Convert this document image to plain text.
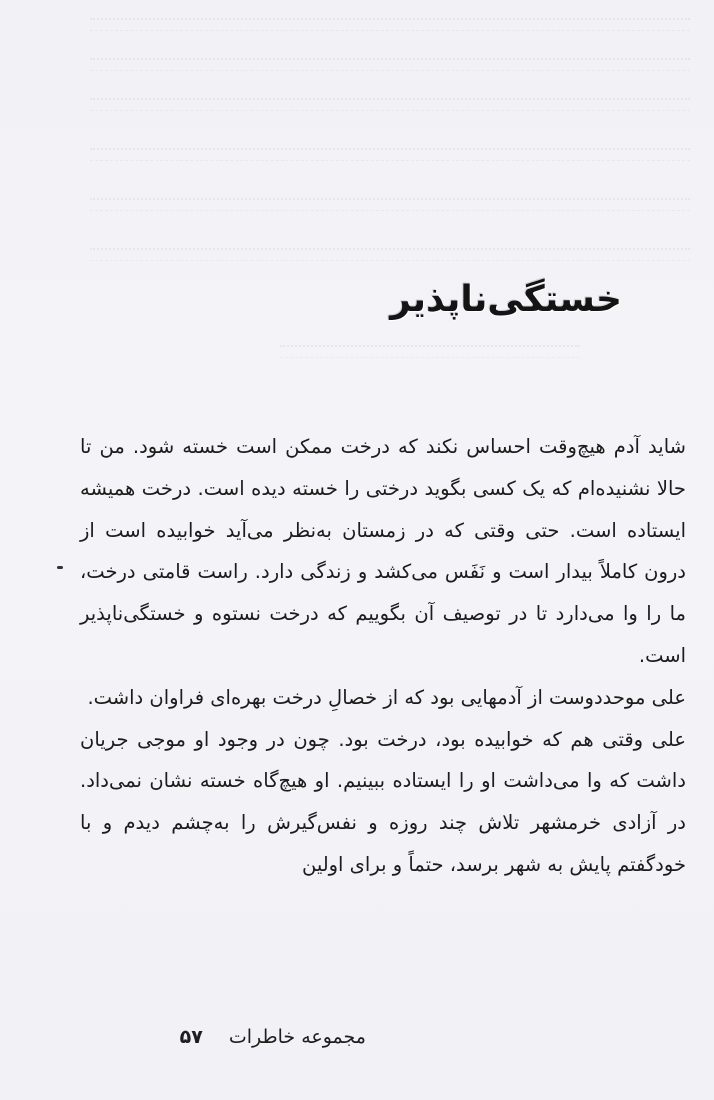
خستگی‌ناپذیر

شاید آدم هیچ‌وقت احساس نکند که درخت ممکن است خسته شود. من تا حالا نشنیده‌ام که یک کسی بگوید درختی را خسته دیده است. درخت همیشه ایستاده است. حتی وقتی که در زمستان به‌نظر می‌آید خوابیده است از درون کاملاً بیدار است و نَفَس می‌کشد و زندگی دارد. راست قامتی درخت، ما را وا می‌دارد تا در توصیف آن بگوییم که درخت نستوه و خستگی‌ناپذیر است.

علی موحددوست از آدمهایی بود که از خصالِ درخت بهره‌ای فراوان داشت.

علی وقتی هم که خوابیده بود، درخت بود. چون در وجود او موجی جریان داشت که وا می‌داشت او را ایستاده ببینیم. او هیچ‌گاه خسته نشان نمی‌داد. در آزادی خرمشهر تلاش چند روزه و نفس‌گیرش را به‌چشم دیدم و با خودگفتم پایش به شهر برسد، حتماً و برای اولین

مجموعه خاطرات ۵۷
